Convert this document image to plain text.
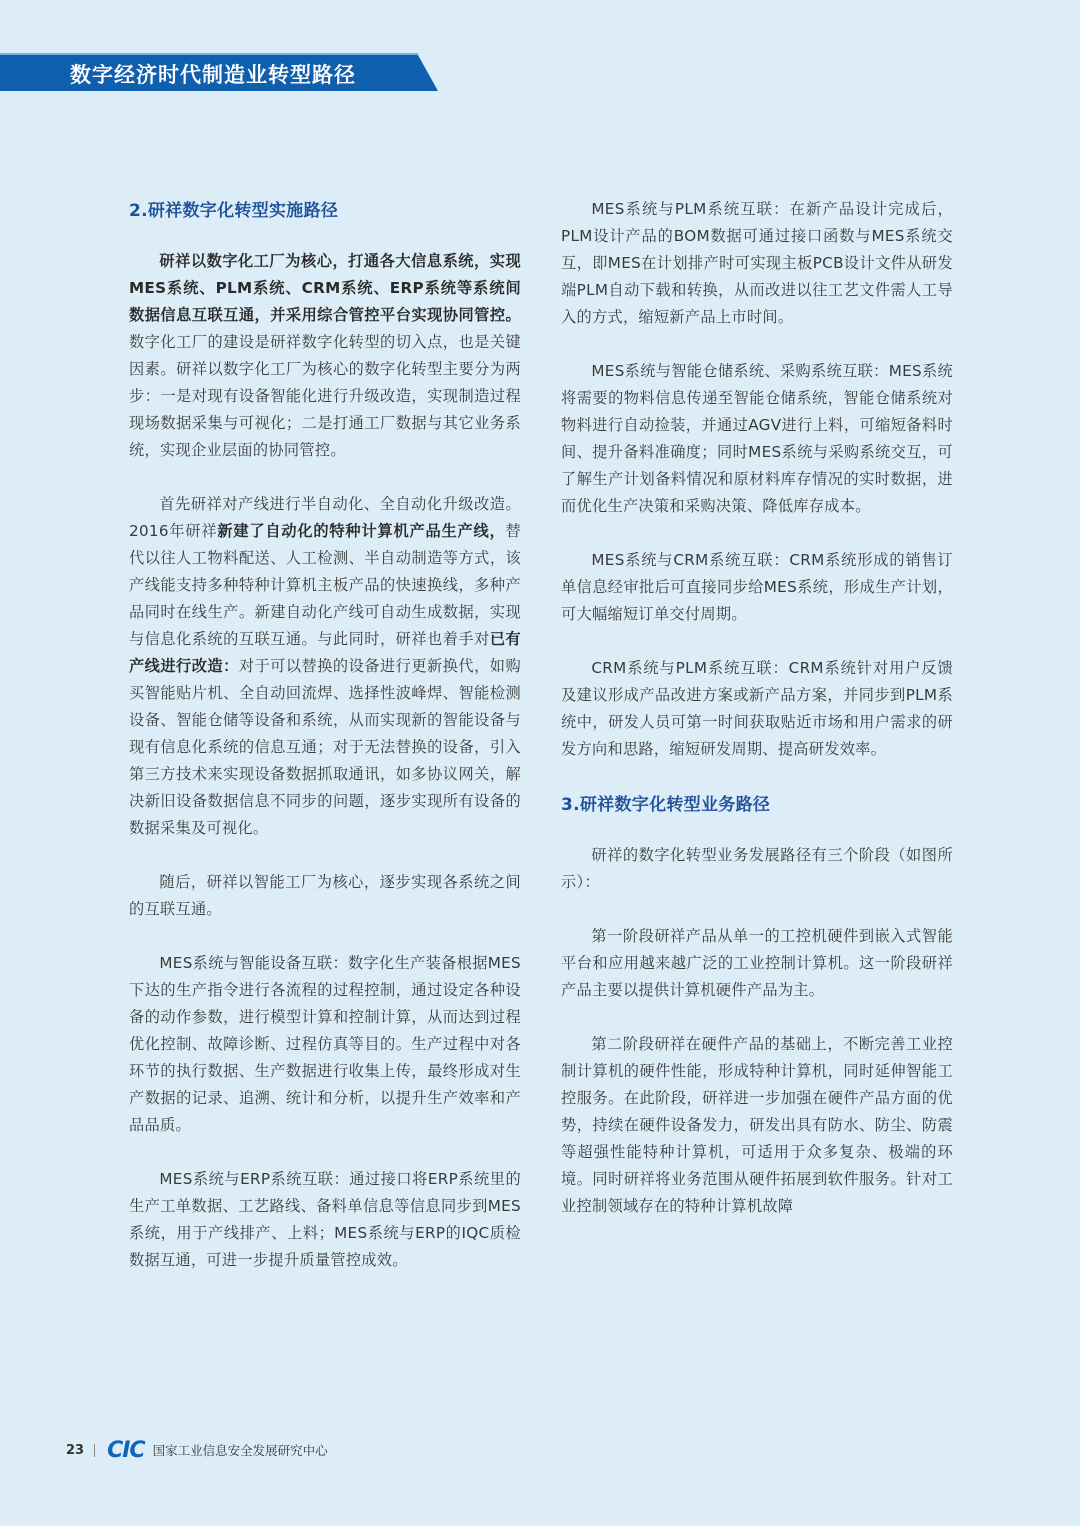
数字经济时代制造业转型路径
2.研祥数字化转型实施路径

研祥以数字化工厂为核心，打通各大信息系统，实现MES系统、PLM系统、CRM系统、ERP系统等系统间数据信息互联互通，并采用综合管控平台实现协同管控。数字化工厂的建设是研祥数字化转型的切入点，也是关键因素。研祥以数字化工厂为核心的数字化转型主要分为两步：一是对现有设备智能化进行升级改造，实现制造过程现场数据采集与可视化；二是打通工厂数据与其它业务系统，实现企业层面的协同管控。

首先研祥对产线进行半自动化、全自动化升级改造。2016年研祥新建了自动化的特种计算机产品生产线，替代以往人工物料配送、人工检测、半自动制造等方式，该产线能支持多种特种计算机主板产品的快速换线，多种产品同时在线生产。新建自动化产线可自动生成数据，实现与信息化系统的互联互通。与此同时，研祥也着手对已有产线进行改造：对于可以替换的设备进行更新换代，如购买智能贴片机、全自动回流焊、选择性波峰焊、智能检测设备、智能仓储等设备和系统，从而实现新的智能设备与现有信息化系统的信息互通；对于无法替换的设备，引入第三方技术来实现设备数据抓取通讯，如多协议网关，解决新旧设备数据信息不同步的问题，逐步实现所有设备的数据采集及可视化。

随后，研祥以智能工厂为核心，逐步实现各系统之间的互联互通。

MES系统与智能设备互联：数字化生产装备根据MES下达的生产指令进行各流程的过程控制，通过设定各种设备的动作参数，进行模型计算和控制计算，从而达到过程优化控制、故障诊断、过程仿真等目的。生产过程中对各环节的执行数据、生产数据进行收集上传，最终形成对生产数据的记录、追溯、统计和分析，以提升生产效率和产品品质。

MES系统与ERP系统互联：通过接口将ERP系统里的生产工单数据、工艺路线、备料单信息等信息同步到MES系统，用于产线排产、上料；MES系统与ERP的IQC质检数据互通，可进一步提升质量管控成效。

MES系统与PLM系统互联：在新产品设计完成后，PLM设计产品的BOM数据可通过接口函数与MES系统交互，即MES在计划排产时可实现主板PCB设计文件从研发端PLM自动下载和转换，从而改进以往工艺文件需人工导入的方式，缩短新产品上市时间。

MES系统与智能仓储系统、采购系统互联：MES系统将需要的物料信息传递至智能仓储系统，智能仓储系统对物料进行自动捡装，并通过AGV进行上料，可缩短备料时间、提升备料准确度；同时MES系统与采购系统交互，可了解生产计划备料情况和原材料库存情况的实时数据，进而优化生产决策和采购决策、降低库存成本。

MES系统与CRM系统互联：CRM系统形成的销售订单信息经审批后可直接同步给MES系统，形成生产计划，可大幅缩短订单交付周期。

CRM系统与PLM系统互联：CRM系统针对用户反馈及建议形成产品改进方案或新产品方案，并同步到PLM系统中，研发人员可第一时间获取贴近市场和用户需求的研发方向和思路，缩短研发周期、提高研发效率。

3.研祥数字化转型业务路径

研祥的数字化转型业务发展路径有三个阶段（如图所示）：

第一阶段研祥产品从单一的工控机硬件到嵌入式智能平台和应用越来越广泛的工业控制计算机。这一阶段研祥产品主要以提供计算机硬件产品为主。

第二阶段研祥在硬件产品的基础上，不断完善工业控制计算机的硬件性能，形成特种计算机，同时延伸智能工控服务。在此阶段，研祥进一步加强在硬件产品方面的优势，持续在硬件设备发力，研发出具有防水、防尘、防震等超强性能特种计算机，可适用于众多复杂、极端的环境。同时研祥将业务范围从硬件拓展到软件服务。针对工业控制领域存在的特种计算机故障

23 CIC 国家工业信息安全发展研究中心
